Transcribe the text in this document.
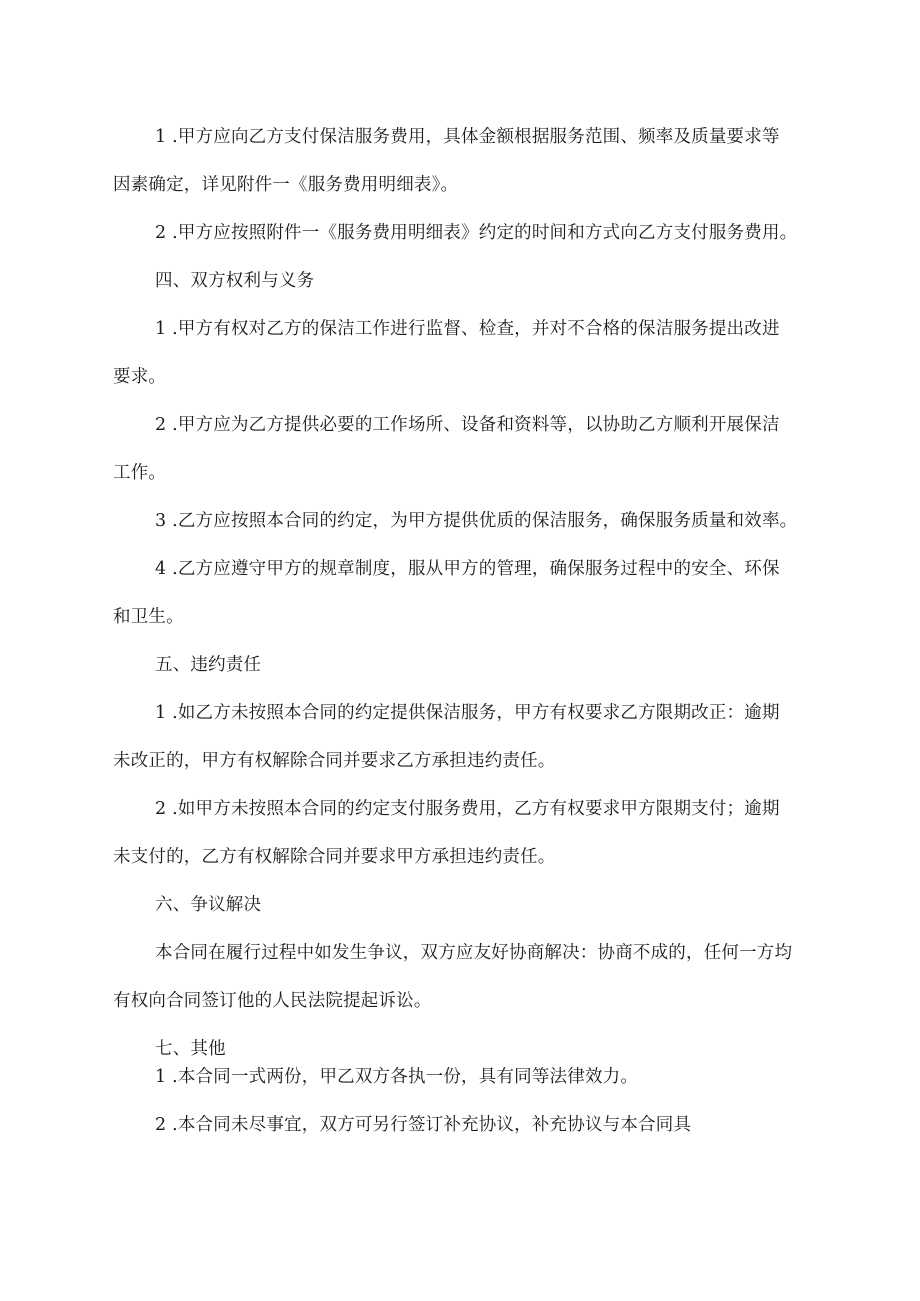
1 .甲方应向乙方支付保洁服务费用，具体金额根据服务范围、频率及质量要求等
因素确定，详见附件一《服务费用明细表》。
2 .甲方应按照附件一《服务费用明细表》约定的时间和方式向乙方支付服务费用。
四、双方权利与义务
1 .甲方有权对乙方的保洁工作进行监督、检查，并对不合格的保洁服务提出改进
要求。
2 .甲方应为乙方提供必要的工作场所、设备和资料等，以协助乙方顺利开展保洁
工作。
3 .乙方应按照本合同的约定，为甲方提供优质的保洁服务，确保服务质量和效率。
4 .乙方应遵守甲方的规章制度，服从甲方的管理，确保服务过程中的安全、环保
和卫生。
五、违约责任
1 .如乙方未按照本合同的约定提供保洁服务，甲方有权要求乙方限期改正：逾期
未改正的，甲方有权解除合同并要求乙方承担违约责任。
2 .如甲方未按照本合同的约定支付服务费用，乙方有权要求甲方限期支付；逾期
未支付的，乙方有权解除合同并要求甲方承担违约责任。
六、争议解决
本合同在履行过程中如发生争议，双方应友好协商解决：协商不成的，任何一方均
有权向合同签订他的人民法院提起诉讼。
七、其他
1 .本合同一式两份，甲乙双方各执一份，具有同等法律效力。
2 .本合同未尽事宜，双方可另行签订补充协议，补充协议与本合同具
